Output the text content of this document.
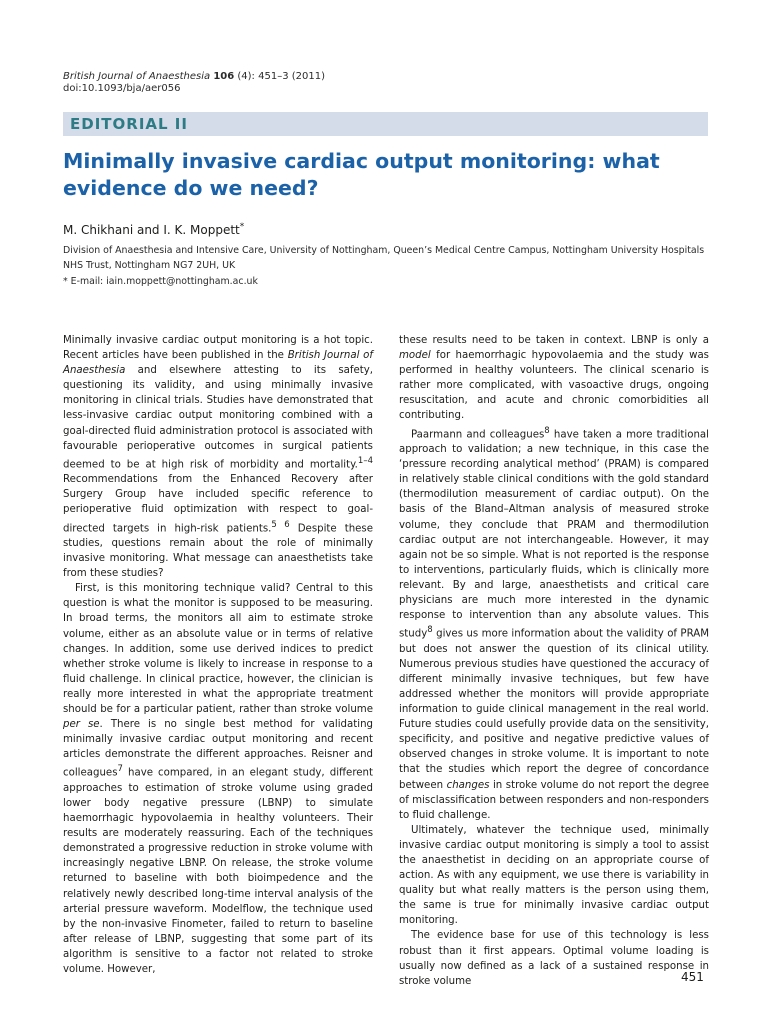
British Journal of Anaesthesia 106 (4): 451–3 (2011)
doi:10.1093/bja/aer056
EDITORIAL II
Minimally invasive cardiac output monitoring: what evidence do we need?
M. Chikhani and I. K. Moppett*
Division of Anaesthesia and Intensive Care, University of Nottingham, Queen’s Medical Centre Campus, Nottingham University Hospitals NHS Trust, Nottingham NG7 2UH, UK
* E-mail: iain.moppett@nottingham.ac.uk

Minimally invasive cardiac output monitoring is a hot topic. Recent articles have been published in the British Journal of Anaesthesia and elsewhere attesting to its safety, questioning its validity, and using minimally invasive monitoring in clinical trials. Studies have demonstrated that less-invasive cardiac output monitoring combined with a goal-directed fluid administration protocol is associated with favourable perioperative outcomes in surgical patients deemed to be at high risk of morbidity and mortality.$^{1-4}$ Recommendations from the Enhanced Recovery after Surgery Group have included specific reference to perioperative fluid optimization with respect to goal-directed targets in high-risk patients.$^{5 6}$ Despite these studies, questions remain about the role of minimally invasive monitoring. What message can anaesthetists take from these studies?

First, is this monitoring technique valid? Central to this question is what the monitor is supposed to be measuring. In broad terms, the monitors all aim to estimate stroke volume, either as an absolute value or in terms of relative changes. In addition, some use derived indices to predict whether stroke volume is likely to increase in response to a fluid challenge. In clinical practice, however, the clinician is really more interested in what the appropriate treatment should be for a particular patient, rather than stroke volume per se. There is no single best method for validating minimally invasive cardiac output monitoring and recent articles demonstrate the different approaches. Reisner and colleagues$^7$ have compared, in an elegant study, different approaches to estimation of stroke volume using graded lower body negative pressure (LBNP) to simulate haemorrhagic hypovolaemia in healthy volunteers. Their results are moderately reassuring. Each of the techniques demonstrated a progressive reduction in stroke volume with increasingly negative LBNP. On release, the stroke volume returned to baseline with both bioimpedence and the relatively newly described long-time interval analysis of the arterial pressure waveform. Modelflow, the technique used by the non-invasive Finometer, failed to return to baseline after release of LBNP, suggesting that some part of its algorithm is sensitive to a factor not related to stroke volume. However,

these results need to be taken in context. LBNP is only a model for haemorrhagic hypovolaemia and the study was performed in healthy volunteers. The clinical scenario is rather more complicated, with vasoactive drugs, ongoing resuscitation, and acute and chronic comorbidities all contributing.

Paarmann and colleagues$^8$ have taken a more traditional approach to validation; a new technique, in this case the ‘pressure recording analytical method’ (PRAM) is compared in relatively stable clinical conditions with the gold standard (thermodilution measurement of cardiac output). On the basis of the Bland–Altman analysis of measured stroke volume, they conclude that PRAM and thermodilution cardiac output are not interchangeable. However, it may again not be so simple. What is not reported is the response to interventions, particularly fluids, which is clinically more relevant. By and large, anaesthetists and critical care physicians are much more interested in the dynamic response to intervention than any absolute values. This study$^8$ gives us more information about the validity of PRAM but does not answer the question of its clinical utility. Numerous previous studies have questioned the accuracy of different minimally invasive techniques, but few have addressed whether the monitors will provide appropriate information to guide clinical management in the real world. Future studies could usefully provide data on the sensitivity, specificity, and positive and negative predictive values of observed changes in stroke volume. It is important to note that the studies which report the degree of concordance between changes in stroke volume do not report the degree of misclassification between responders and non-responders to fluid challenge.

Ultimately, whatever the technique used, minimally invasive cardiac output monitoring is simply a tool to assist the anaesthetist in deciding on an appropriate course of action. As with any equipment, we use there is variability in quality but what really matters is the person using them, the same is true for minimally invasive cardiac output monitoring.

The evidence base for use of this technology is less robust than it first appears. Optimal volume loading is usually now defined as a lack of a sustained response in stroke volume	451
